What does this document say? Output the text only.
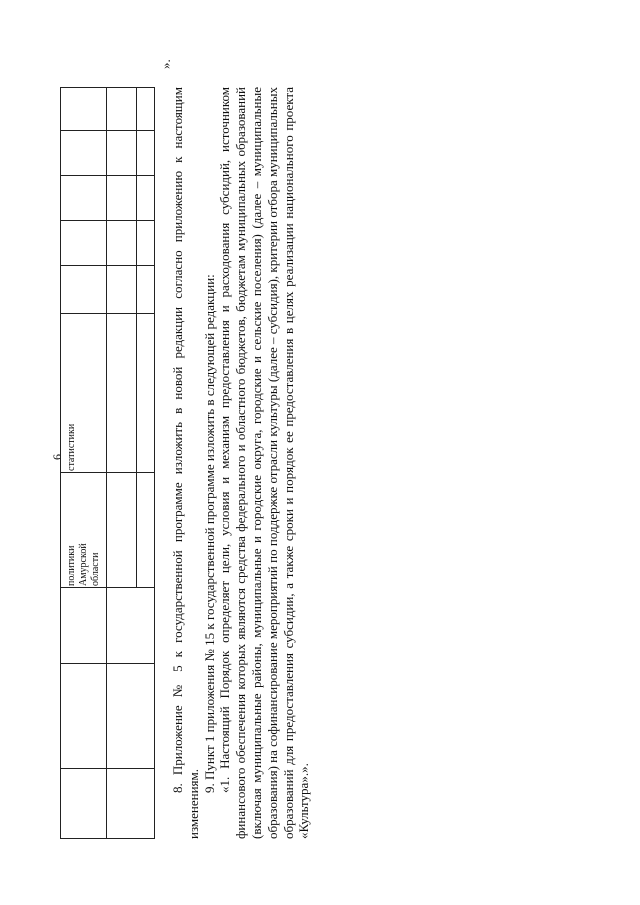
6
политики Амурской области
статистики
».

8. Приложение № 5 к государственной программе изложить в новой редакции согласно приложению к настоящим изменениям.

9. Пункт 1 приложения № 15 к государственной программе изложить в следующей редакции: «1. Настоящий Порядок определяет цели, условия и механизм предоставления и расходования субсидий, источником финансового обеспечения которых являются средства федерального и областного бюджетов, бюджетам муниципальных образований (включая муниципальные районы, муниципальные и городские округа, городские и сельские поселения) (далее – муниципальные образования) на софинансирование мероприятий по поддержке отрасли культуры (далее – субсидия), критерии отбора муниципальных образований для предоставления субсидии, а также сроки и порядок ее предоставления в целях реализации национального проекта «Культура».».
